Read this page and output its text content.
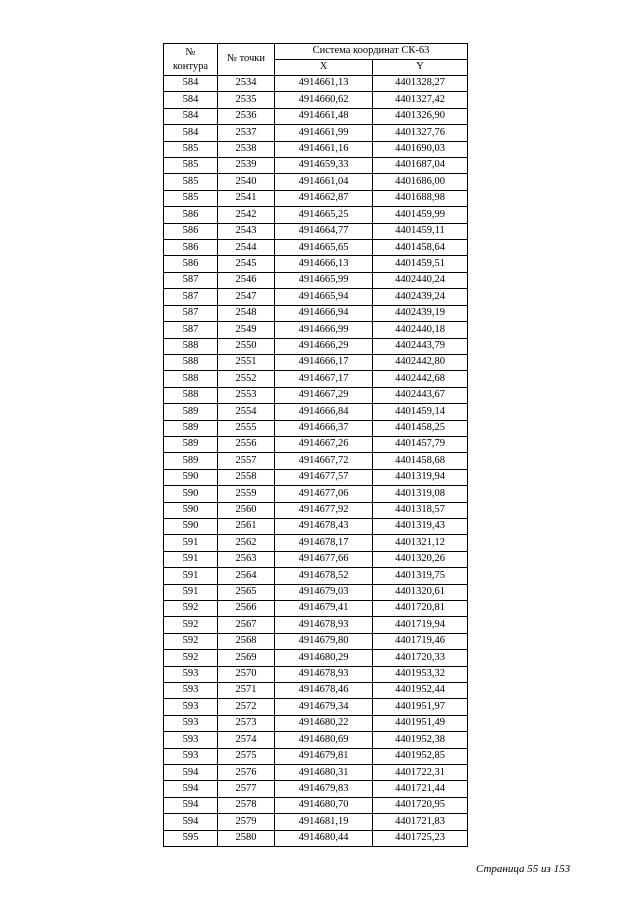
№
контура	№ точки	Система координат СК-63	
		X	Y
584	2534	4914661,13	4401328,27
584	2535	4914660,62	4401327,42
584	2536	4914661,48	4401326,90
584	2537	4914661,99	4401327,76
585	2538	4914661,16	4401690,03
585	2539	4914659,33	4401687,04
585	2540	4914661,04	4401686,00
585	2541	4914662,87	4401688,98
586	2542	4914665,25	4401459,99
586	2543	4914664,77	4401459,11
586	2544	4914665,65	4401458,64
586	2545	4914666,13	4401459,51
587	2546	4914665,99	4402440,24
587	2547	4914665,94	4402439,24
587	2548	4914666,94	4402439,19
587	2549	4914666,99	4402440,18
588	2550	4914666,29	4402443,79
588	2551	4914666,17	4402442,80
588	2552	4914667,17	4402442,68
588	2553	4914667,29	4402443,67
589	2554	4914666,84	4401459,14
589	2555	4914666,37	4401458,25
589	2556	4914667,26	4401457,79
589	2557	4914667,72	4401458,68
590	2558	4914677,57	4401319,94
590	2559	4914677,06	4401319,08
590	2560	4914677,92	4401318,57
590	2561	4914678,43	4401319,43
591	2562	4914678,17	4401321,12
591	2563	4914677,66	4401320,26
591	2564	4914678,52	4401319,75
591	2565	4914679,03	4401320,61
592	2566	4914679,41	4401720,81
592	2567	4914678,93	4401719,94
592	2568	4914679,80	4401719,46
592	2569	4914680,29	4401720,33
593	2570	4914678,93	4401953,32
593	2571	4914678,46	4401952,44
593	2572	4914679,34	4401951,97
593	2573	4914680,22	4401951,49
593	2574	4914680,69	4401952,38
593	2575	4914679,81	4401952,85
594	2576	4914680,31	4401722,31
594	2577	4914679,83	4401721,44
594	2578	4914680,70	4401720,95
594	2579	4914681,19	4401721,83
595	2580	4914680,44	4401725,23
Страница 55 из 153
